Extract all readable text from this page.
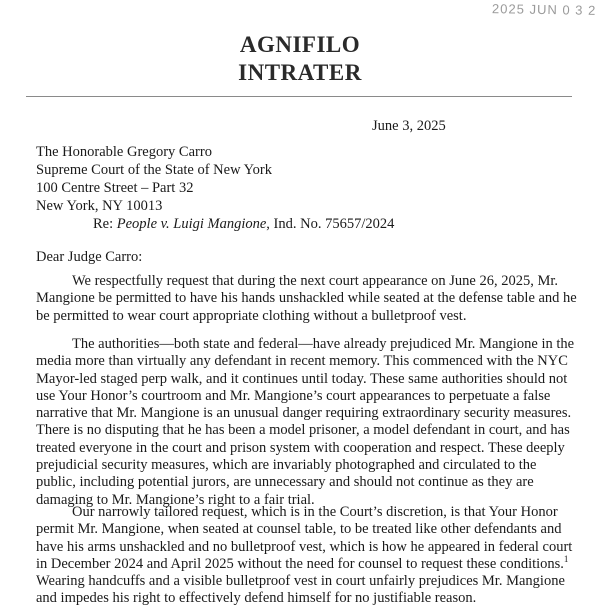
2025 JUN 0 3 2
AGNIFILO
INTRATER
June 3, 2025
The Honorable Gregory Carro
Supreme Court of the State of New York
100 Centre Street – Part 32
New York, NY 10013
Re: People v. Luigi Mangione, Ind. No. 75657/2024
Dear Judge Carro:

We respectfully request that during the next court appearance on June 26, 2025, Mr. Mangione be permitted to have his hands unshackled while seated at the defense table and he be permitted to wear court appropriate clothing without a bulletproof vest.

The authorities—both state and federal—have already prejudiced Mr. Mangione in the media more than virtually any defendant in recent memory. This commenced with the NYC Mayor-led staged perp walk, and it continues until today. These same authorities should not use Your Honor’s courtroom and Mr. Mangione’s court appearances to perpetuate a false narrative that Mr. Mangione is an unusual danger requiring extraordinary security measures. There is no disputing that he has been a model prisoner, a model defendant in court, and has treated everyone in the court and prison system with cooperation and respect. These deeply prejudicial security measures, which are invariably photographed and circulated to the public, including potential jurors, are unnecessary and should not continue as they are damaging to Mr. Mangione’s right to a fair trial.

Our narrowly tailored request, which is in the Court’s discretion, is that Your Honor permit Mr. Mangione, when seated at counsel table, to be treated like other defendants and have his arms unshackled and no bulletproof vest, which is how he appeared in federal court in December 2024 and April 2025 without the need for counsel to request these conditions.$^1$ Wearing handcuffs and a visible bulletproof vest in court unfairly prejudices Mr. Mangione and impedes his right to effectively defend himself for no justifiable reason.
